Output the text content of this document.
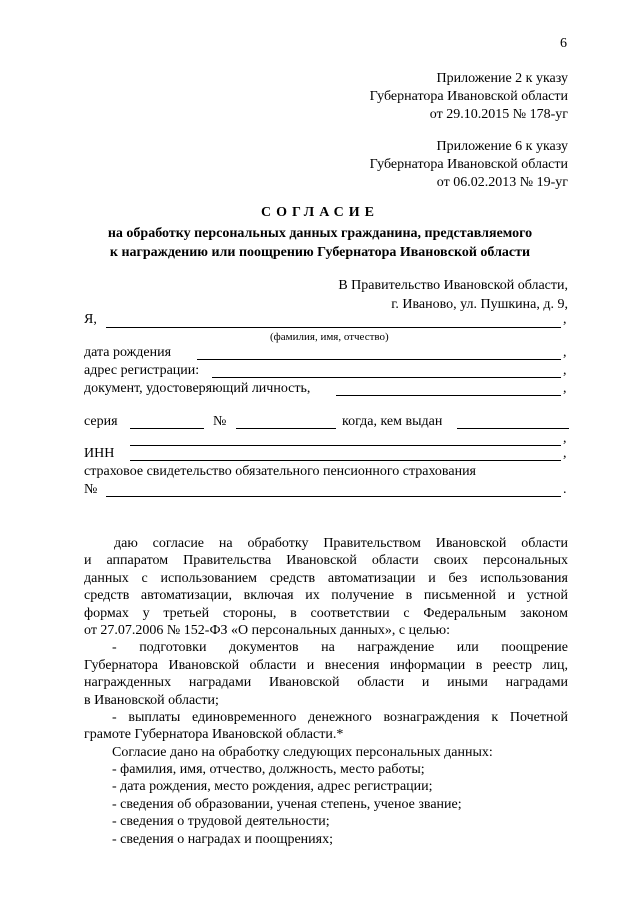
6
Приложение 2 к указу
Губернатора Ивановской области
от 29.10.2015 № 178-уг
Приложение 6 к указу
Губернатора Ивановской области
от 06.02.2013 № 19-уг
СОГЛАСИЕ
на обработку персональных данных гражданина, представляемого
к награждению или поощрению Губернатора Ивановской области
В Правительство Ивановской области,
г. Иваново, ул. Пушкина, д. 9,
Я,	,
(фамилия, имя, отчество)
дата рождения	,
адрес регистрации:	,
документ, удостоверяющий личность,	,
серия	№	когда, кем выдан
,
ИНН	,
страховое свидетельство обязательного пенсионного страхования
№	.
даю согласие на обработку Правительством Ивановской области
и аппаратом Правительства Ивановской области своих персональных
данных с использованием средств автоматизации и без использования
средств автоматизации, включая их получение в письменной и устной
формах у третьей стороны, в соответствии с Федеральным законом
от 27.07.2006 № 152-ФЗ «О персональных данных», с целью:
- подготовки документов на награждение или поощрение
Губернатора Ивановской области и внесения информации в реестр лиц,
награжденных наградами Ивановской области и иными наградами
в Ивановской области;
- выплаты единовременного денежного вознаграждения к Почетной
грамоте Губернатора Ивановской области.*
Согласие дано на обработку следующих персональных данных:
- фамилия, имя, отчество, должность, место работы;
- дата рождения, место рождения, адрес регистрации;
- сведения об образовании, ученая степень, ученое звание;
- сведения о трудовой деятельности;
- сведения о наградах и поощрениях;
